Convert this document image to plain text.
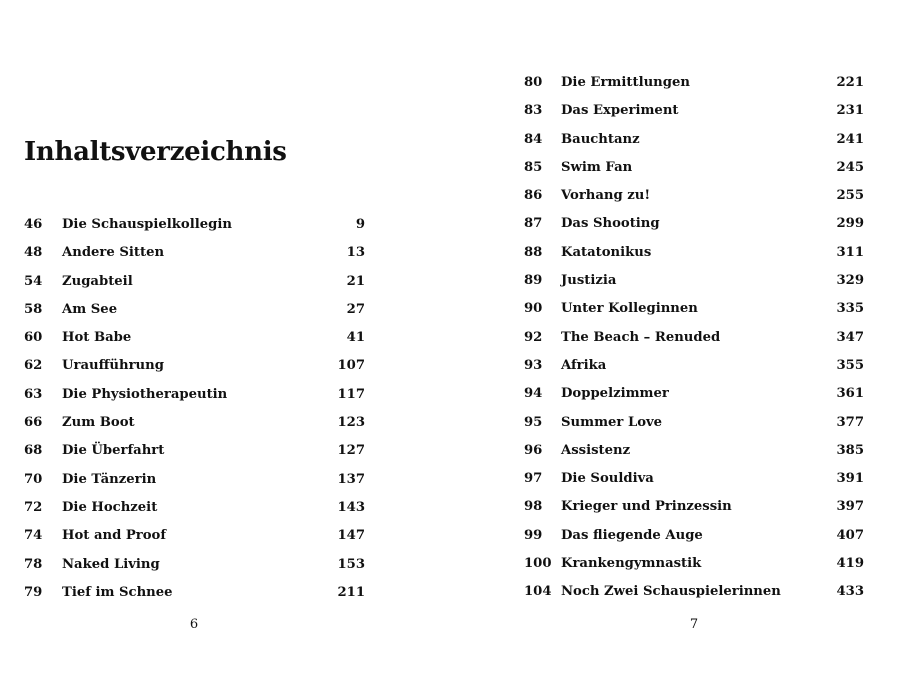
Inhaltsverzeichnis
46 Die Schauspielkollegin	9
48 Andere Sitten	13
54 Zugabteil	21
58 Am See	27
60 Hot Babe	41
62 Uraufführung	107
63 Die Physiotherapeutin	117
66 Zum Boot	123
68 Die Überfahrt	127
70 Die Tänzerin	137
72 Die Hochzeit	143
74 Hot and Proof	147
78 Naked Living	153
79 Tief im Schnee	211
6
80 Die Ermittlungen	221
83 Das Experiment	231
84 Bauchtanz	241
85 Swim Fan	245
86 Vorhang zu!	255
87 Das Shooting	299
88 Katatonikus	311
89 Justizia	329
90 Unter Kolleginnen	335
92 The Beach – Renuded	347
93 Afrika	355
94 Doppelzimmer	361
95 Summer Love	377
96 Assistenz	385
97 Die Souldiva	391
98 Krieger und Prinzessin	397
99 Das fliegende Auge	407
100 Krankengymnastik	419
104 Noch Zwei Schauspielerinnen	433
7
